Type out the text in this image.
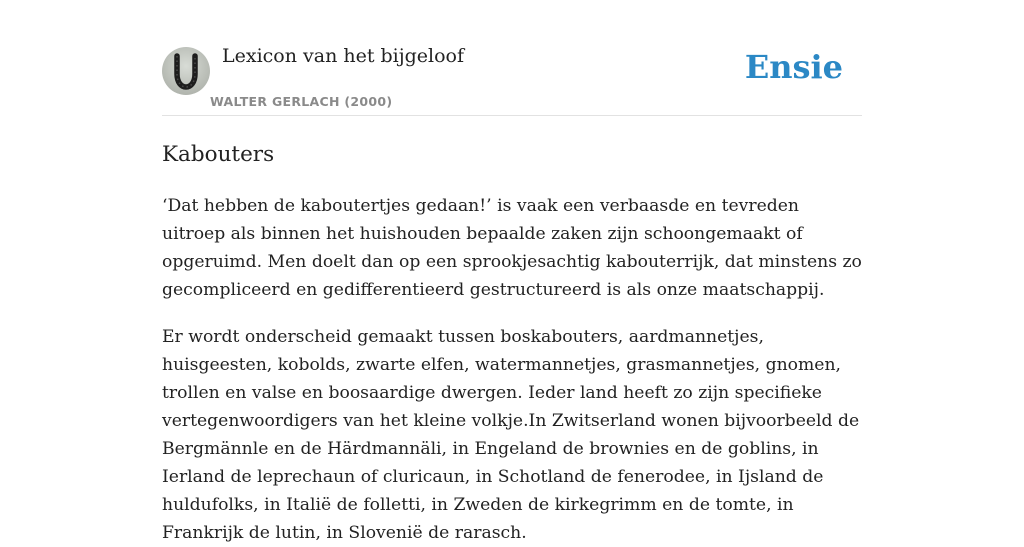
Lexicon van het bijgeloof
WALTER GERLACH (2000)
Ensie
Kabouters

‘Dat hebben de kaboutertjes gedaan!’ is vaak een verbaasde en tevreden uitroep als binnen het huishouden bepaalde zaken zijn schoongemaakt of opgeruimd. Men doelt dan op een sprookjesachtig kabouterrijk, dat minstens zo gecompliceerd en gedifferentieerd gestructureerd is als onze maatschappij.

Er wordt onderscheid gemaakt tussen boskabouters, aardmannetjes, huisgeesten, kobolds, zwarte elfen, watermannetjes, grasmannetjes, gnomen, trollen en valse en boosaardige dwergen. Ieder land heeft zo zijn specifieke vertegenwoordigers van het kleine volkje.In Zwitserland wonen bijvoorbeeld de Bergmännle en de Härdmannäli, in Engeland de brownies en de goblins, in Ierland de leprechaun of cluricaun, in Schotland de fenerodee, in Ijsland de huldufolks, in Italië de folletti, in Zweden de kirkegrimm en de tomte, in Frankrijk de lutin, in Slovenië de rarasch.
